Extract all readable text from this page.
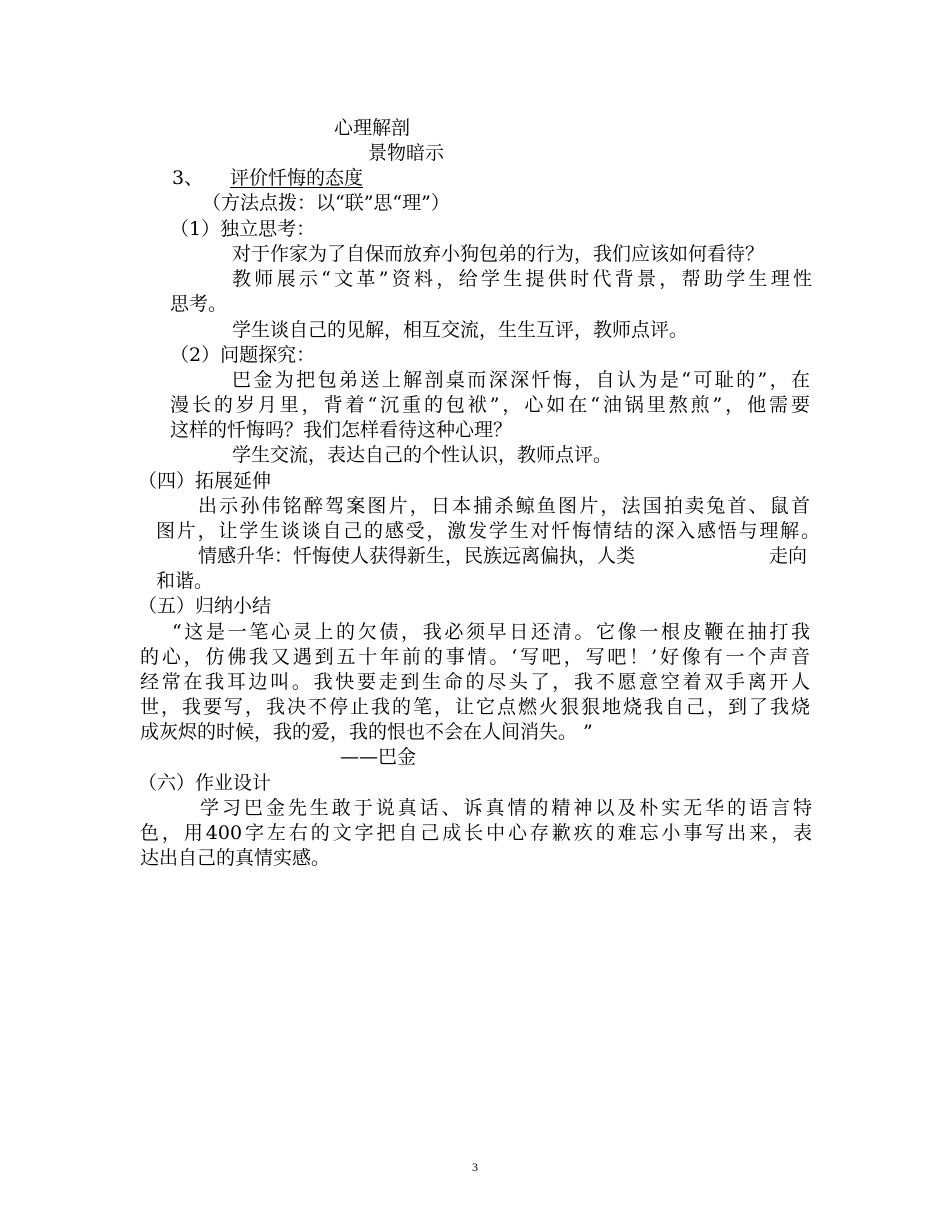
心理解剖
景物暗示
3、 评价忏悔的态度
（方法点拨：以“联”思“理”）
（1）独立思考：
对于作家为了自保而放弃小狗包弟的行为，我们应该如何看待？
教师展示“文革”资料，给学生提供时代背景，帮助学生理性
思考。
学生谈自己的见解，相互交流，生生互评，教师点评。
（2）问题探究：
巴金为把包弟送上解剖桌而深深忏悔，自认为是“可耻的”，在
漫长的岁月里，背着“沉重的包袱”，心如在“油锅里熬煎”，他需要
这样的忏悔吗？我们怎样看待这种心理？
学生交流，表达自己的个性认识，教师点评。
（四）拓展延伸
出示孙伟铭醉驾案图片，日本捕杀鲸鱼图片，法国拍卖兔首、鼠首
图片，让学生谈谈自己的感受，激发学生对忏悔情结的深入感悟与理解。
情感升华：忏悔使人获得新生，民族远离偏执，人类	走向
和谐。
（五）归纳小结
“这是一笔心灵上的欠债，我必须早日还清。它像一根皮鞭在抽打我
的心，仿佛我又遇到五十年前的事情。‘写吧，写吧！’好像有一个声音
经常在我耳边叫。我快要走到生命的尽头了，我不愿意空着双手离开人
世，我要写，我决不停止我的笔，让它点燃火狠狠地烧我自己，到了我烧
成灰烬的时候，我的爱，我的恨也不会在人间消失。 ”
——巴金
（六）作业设计
学习巴金先生敢于说真话、诉真情的精神以及朴实无华的语言特
色，用400字左右的文字把自己成长中心存歉疚的难忘小事写出来，表
达出自己的真情实感。
3
